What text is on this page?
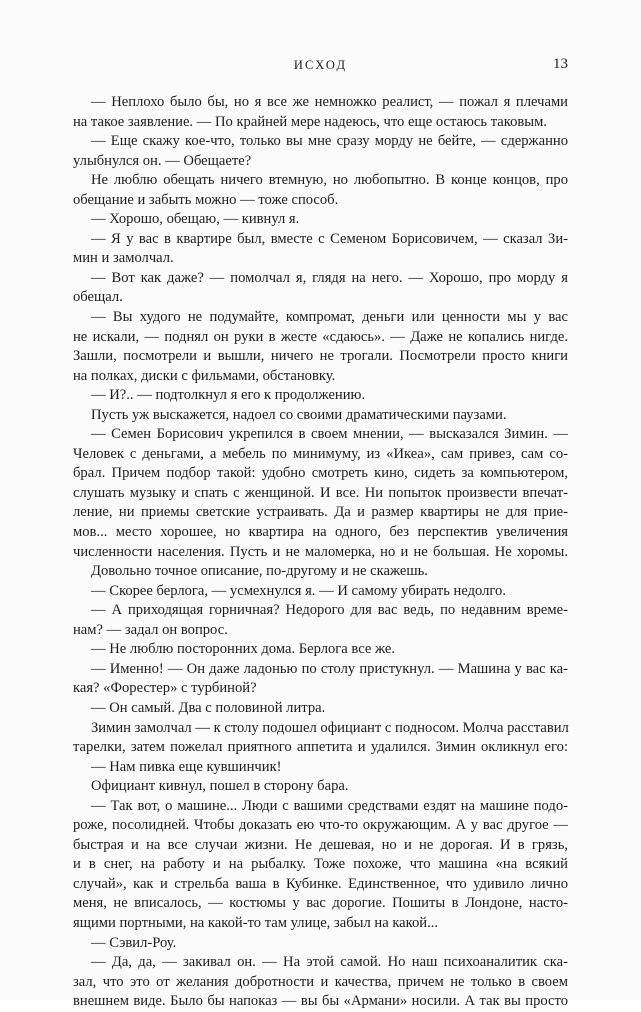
ИСХОД	13
— Неплохо было бы, но я все же немножко реалист, — пожал я плечами
на такое заявление. — По крайней мере надеюсь, что еще остаюсь таковым.
— Еще скажу кое-что, только вы мне сразу морду не бейте, — сдержанно
улыбнулся он. — Обещаете?
Не люблю обещать ничего втемную, но любопытно. В конце концов, про
обещание и забыть можно — тоже способ.
— Хорошо, обещаю, — кивнул я.
— Я у вас в квартире был, вместе с Семеном Борисовичем, — сказал Зи-
мин и замолчал.
— Вот как даже? — помолчал я, глядя на него. — Хорошо, про морду я
обещал.
— Вы худого не подумайте, компромат, деньги или ценности мы у вас
не искали, — поднял он руки в жесте «сдаюсь». — Даже не копались нигде.
Зашли, посмотрели и вышли, ничего не трогали. Посмотрели просто книги
на полках, диски с фильмами, обстановку.
— И?.. — подтолкнул я его к продолжению.
Пусть уж выскажется, надоел со своими драматическими паузами.
— Семен Борисович укрепился в своем мнении, — высказался Зимин. —
Человек с деньгами, а мебель по минимуму, из «Икеа», сам привез, сам со-
брал. Причем подбор такой: удобно смотреть кино, сидеть за компьютером,
слушать музыку и спать с женщиной. И все. Ни попыток произвести впечат-
ление, ни приемы светские устраивать. Да и размер квартиры не для прие-
мов... место хорошее, но квартира на одного, без перспектив увеличения
численности населения. Пусть и не маломерка, но и не большая. Не хоромы.
Довольно точное описание, по-другому и не скажешь.
— Скорее берлога, — усмехнулся я. — И самому убирать недолго.
— А приходящая горничная? Недорого для вас ведь, по недавним време-
нам? — задал он вопрос.
— Не люблю посторонних дома. Берлога все же.
— Именно! — Он даже ладонью по столу пристукнул. — Машина у вас ка-
кая? «Форестер» с турбиной?
— Он самый. Два с половиной литра.
Зимин замолчал — к столу подошел официант с подносом. Молча расставил
тарелки, затем пожелал приятного аппетита и удалился. Зимин окликнул его:
— Нам пивка еще кувшинчик!
Официант кивнул, пошел в сторону бара.
— Так вот, о машине... Люди с вашими средствами ездят на машине подо-
роже, посолидней. Чтобы доказать ею что-то окружающим. А у вас другое —
быстрая и на все случаи жизни. Не дешевая, но и не дорогая. И в грязь,
и в снег, на работу и на рыбалку. Тоже похоже, что машина «на всякий
случай», как и стрельба ваша в Кубинке. Единственное, что удивило лично
меня, не вписалось, — костюмы у вас дорогие. Пошиты в Лондоне, насто-
ящими портными, на какой-то там улице, забыл на какой...
— Сэвил-Роу.
— Да, да, — закивал он. — На этой самой. Но наш психоаналитик ска-
зал, что это от желания добротности и качества, причем не только в своем
внешнем виде. Было бы напоказ — вы бы «Армани» носили. А так вы просто
